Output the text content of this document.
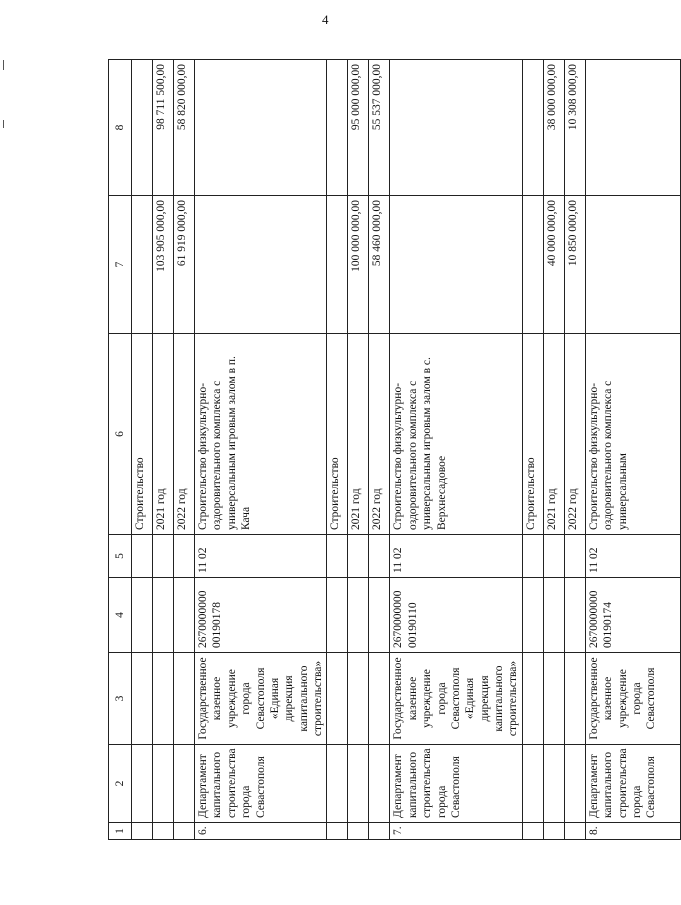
4
1	2	3	4	5	6	7	8
					Строительство		
					2021 год	103 905 000,00	98 711 500,00
					2022 год	61 919 000,00	58 820 000,00
6.	Департамент капитального строительства города Севастополя	Государственное казенное учреждение города Севастополя «Единая дирекция капитального строительства»	2670000000 00190178	11 02	Строительство физкультурно-оздоровительного комплекса с универсальным игровым залом в п. Кача		
					Строительство		
					2021 год	100 000 000,00	95 000 000,00
					2022 год	58 460 000,00	55 537 000,00
7.	Департамент капитального строительства города Севастополя	Государственное казенное учреждение города Севастополя «Единая дирекция капитального строительства»	2670000000 00190110	11 02	Строительство физкультурно-оздоровительного комплекса с универсальным игровым залом в с. Верхнесадовое		
					Строительство		
					2021 год	40 000 000,00	38 000 000,00
					2022 год	10 850 000,00	10 308 000,00
8.	Департамент капитального строительства города Севастополя	Государственное казенное учреждение города Севастополя	2670000000 00190174	11 02	Строительство физкультурно-оздоровительного комплекса с универсальным		
